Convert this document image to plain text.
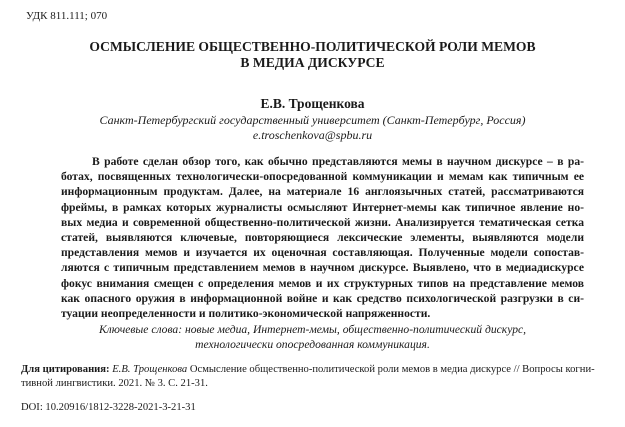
УДК 811.111; 070
ОСМЫСЛЕНИЕ ОБЩЕСТВЕННО-ПОЛИТИЧЕСКОЙ РОЛИ МЕМОВ
В МЕДИА ДИСКУРСЕ
Е.В. Трощенкова
Санкт-Петербургский государственный университет (Санкт-Петербург, Россия)
e.troschenkova@spbu.ru
В работе сделан обзор того, как обычно представляются мемы в научном дискурсе – в ра-
ботах, посвященных технологически-опосредованной коммуникации и мемам как типичным ее
информационным продуктам. Далее, на материале 16 англоязычных статей, рассматриваются
фреймы, в рамках которых журналисты осмысляют Интернет-мемы как типичное явление но-
вых медиа и современной общественно-политической жизни. Анализируется тематическая сетка
статей, выявляются ключевые, повторяющиеся лексические элементы, выявляются модели
представления мемов и изучается их оценочная составляющая. Полученные модели сопостав-
ляются с типичным представлением мемов в научном дискурсе. Выявлено, что в медиадискурсе
фокус внимания смещен с определения мемов и их структурных типов на представление мемов
как опасного оружия в информационной войне и как средство психологической разгрузки в си-
туации неопределенности и политико-экономической напряженности.
Ключевые слова: новые медиа, Интернет-мемы, общественно-политический дискурс,
технологически опосредованная коммуникация.
Для цитирования: Е.В. Трощенкова Осмысление общественно-политической роли мемов в медиа дискурсе // Вопросы когни-
тивной лингвистики. 2021. № 3. С. 21-31.
DOI: 10.20916/1812-3228-2021-3-21-31
